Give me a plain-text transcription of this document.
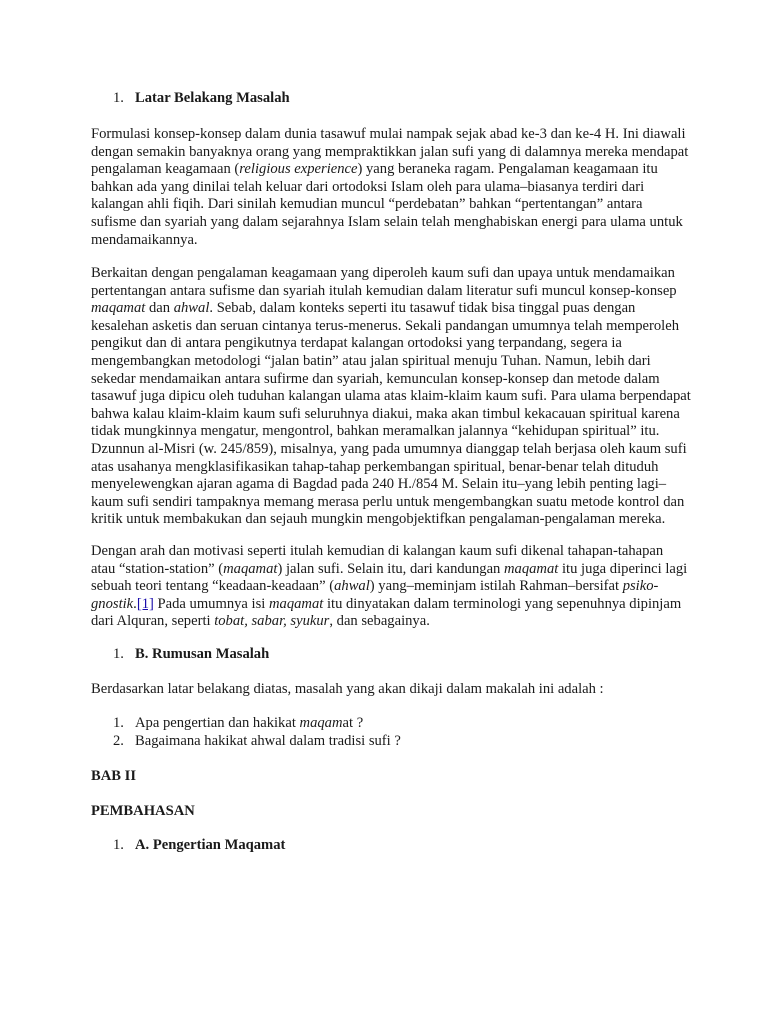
1. Latar Belakang Masalah

Formulasi konsep-konsep dalam dunia tasawuf mulai nampak sejak abad ke-3 dan ke-4 H. Ini diawali dengan semakin banyaknya orang yang mempraktikkan jalan sufi yang di dalamnya mereka mendapat pengalaman keagamaan (religious experience) yang beraneka ragam. Pengalaman keagamaan itu bahkan ada yang dinilai telah keluar dari ortodoksi Islam oleh para ulama–biasanya terdiri dari kalangan ahli fiqih. Dari sinilah kemudian muncul “perdebatan” bahkan “pertentangan” antara sufisme dan syariah yang dalam sejarahnya Islam selain telah menghabiskan energi para ulama untuk mendamaikannya.

Berkaitan dengan pengalaman keagamaan yang diperoleh kaum sufi dan upaya untuk mendamaikan pertentangan antara sufisme dan syariah itulah kemudian dalam literatur sufi muncul konsep-konsep maqamat dan ahwal. Sebab, dalam konteks seperti itu tasawuf tidak bisa tinggal puas dengan kesalehan asketis dan seruan cintanya terus-menerus. Sekali pandangan umumnya telah memperoleh pengikut dan di antara pengikutnya terdapat kalangan ortodoksi yang terpandang, segera ia mengembangkan metodologi “jalan batin” atau jalan spiritual menuju Tuhan. Namun, lebih dari sekedar mendamaikan antara sufirme dan syariah, kemunculan konsep-konsep dan metode dalam tasawuf juga dipicu oleh tuduhan kalangan ulama atas klaim-klaim kaum sufi. Para ulama berpendapat bahwa kalau klaim-klaim kaum sufi seluruhnya diakui, maka akan timbul kekacauan spiritual karena tidak mungkinnya mengatur, mengontrol, bahkan meramalkan jalannya “kehidupan spiritual” itu. Dzunnun al-Misri (w. 245/859), misalnya, yang pada umumnya dianggap telah berjasa oleh kaum sufi atas usahanya mengklasifikasikan tahap-tahap perkembangan spiritual, benar-benar telah dituduh menyelewengkan ajaran agama di Bagdad pada 240 H./854 M. Selain itu–yang lebih penting lagi–kaum sufi sendiri tampaknya memang merasa perlu untuk mengembangkan suatu metode kontrol dan kritik untuk membakukan dan sejauh mungkin mengobjektifkan pengalaman-pengalaman mereka.

Dengan arah dan motivasi seperti itulah kemudian di kalangan kaum sufi dikenal tahapan-tahapan atau “station-station” (maqamat) jalan sufi. Selain itu, dari kandungan maqamat itu juga diperinci lagi sebuah teori tentang “keadaan-keadaan” (ahwal) yang–meminjam istilah Rahman–bersifat psiko-gnostik.[1] Pada umumnya isi maqamat itu dinyatakan dalam terminologi yang sepenuhnya dipinjam dari Alquran, seperti tobat, sabar, syukur, dan sebagainya.

1. B. Rumusan Masalah

Berdasarkan latar belakang diatas, masalah yang akan dikaji dalam makalah ini adalah :

1. Apa pengertian dan hakikat maqamat ?
2. Bagaimana hakikat ahwal dalam tradisi sufi ?
BAB II
PEMBAHASAN
1. A. Pengertian Maqamat
